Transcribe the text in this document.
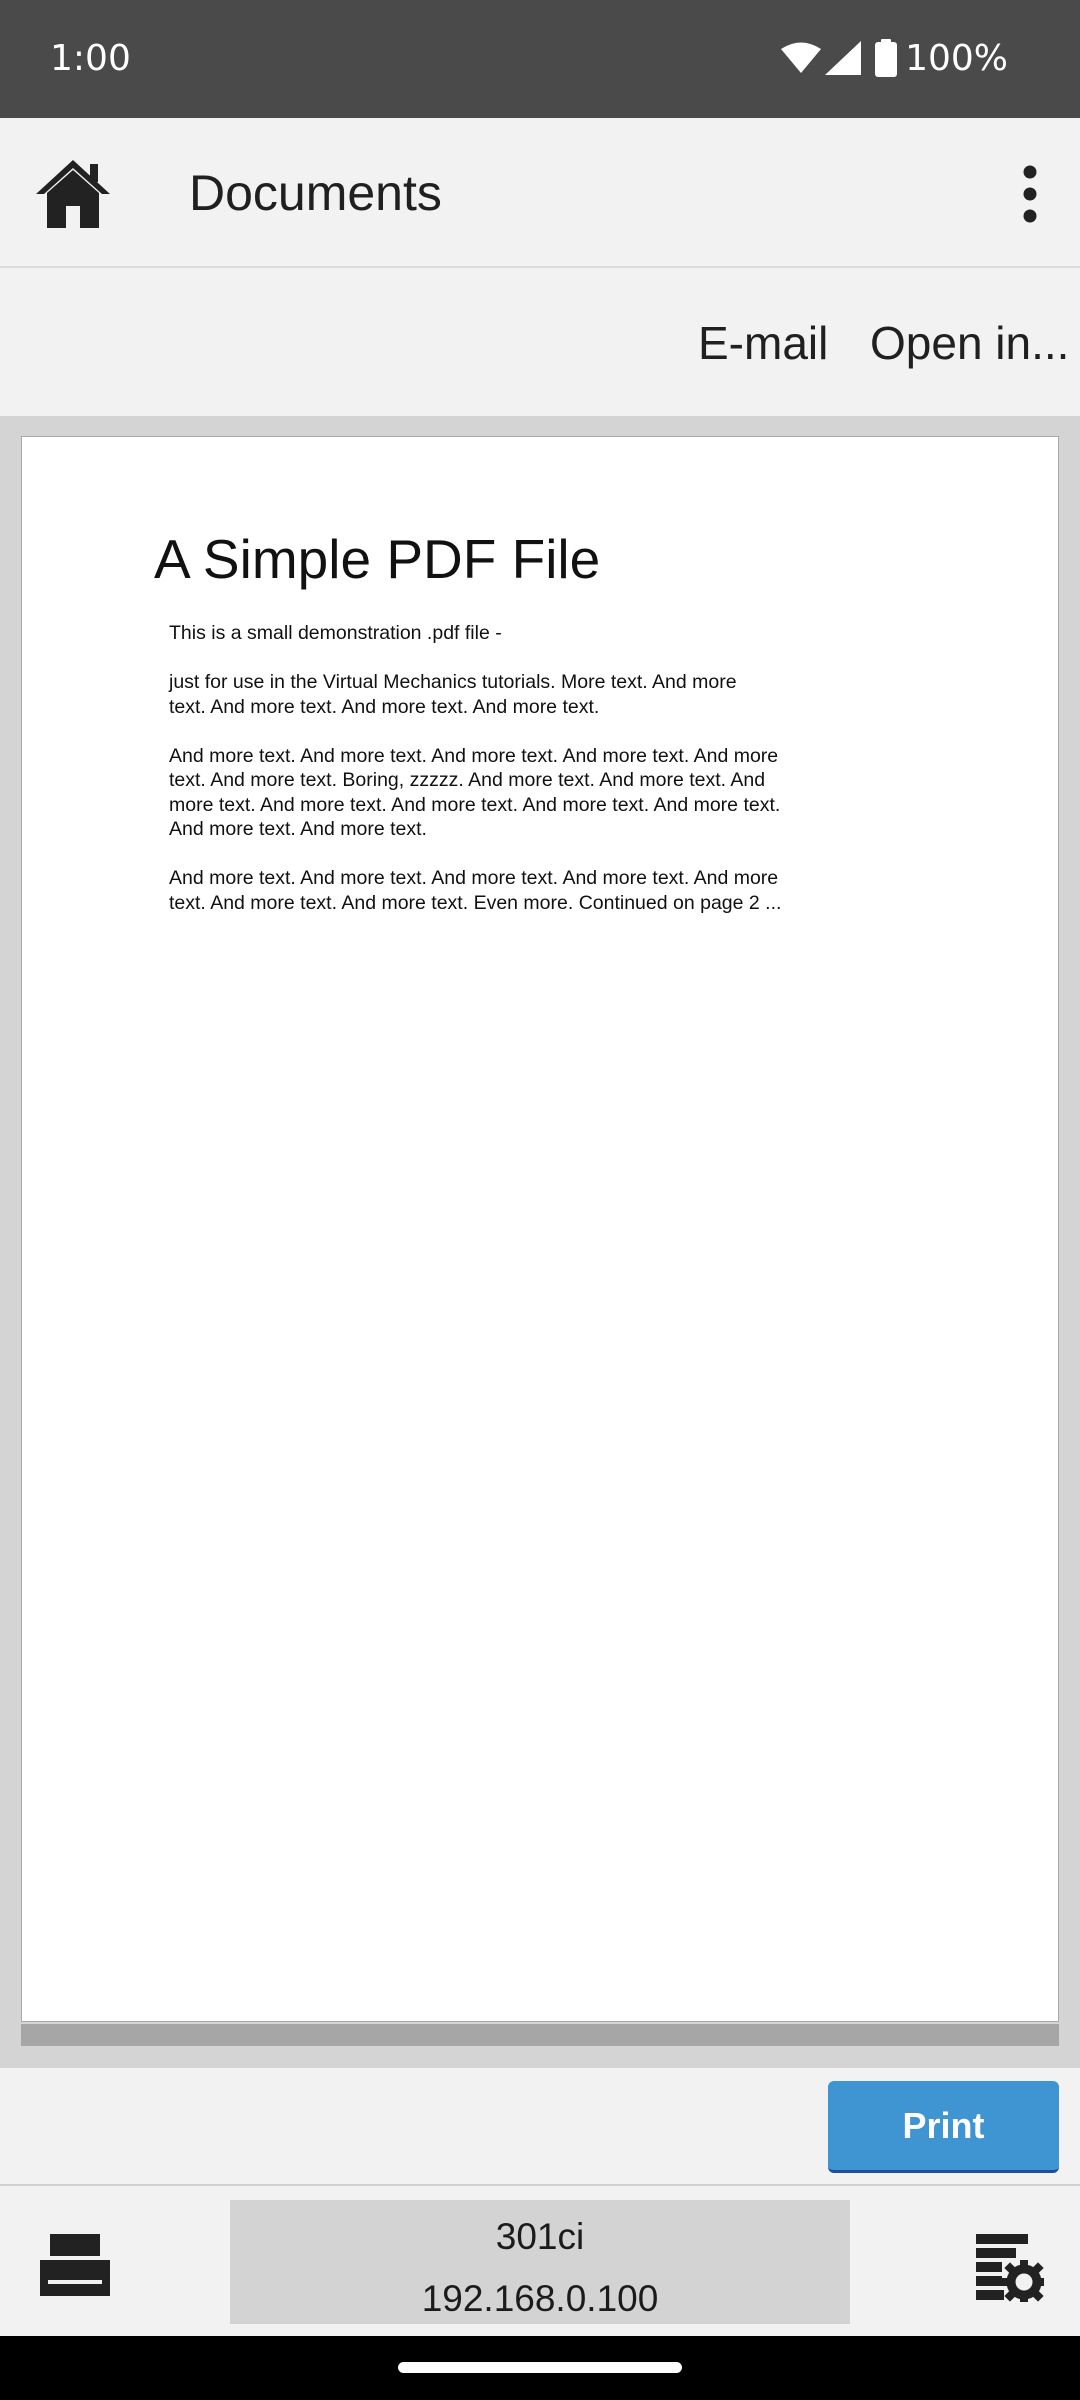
1:00	100%
Documents
E-mail Open in...
A Simple PDF File

This is a small demonstration .pdf file -

just for use in the Virtual Mechanics tutorials. More text. And more
text. And more text. And more text. And more text.

And more text. And more text. And more text. And more text. And more
text. And more text. Boring, zzzzz. And more text. And more text. And
more text. And more text. And more text. And more text. And more text.
And more text. And more text.

And more text. And more text. And more text. And more text. And more
text. And more text. And more text. Even more. Continued on page 2 ...

Print
301ci
192.168.0.100
